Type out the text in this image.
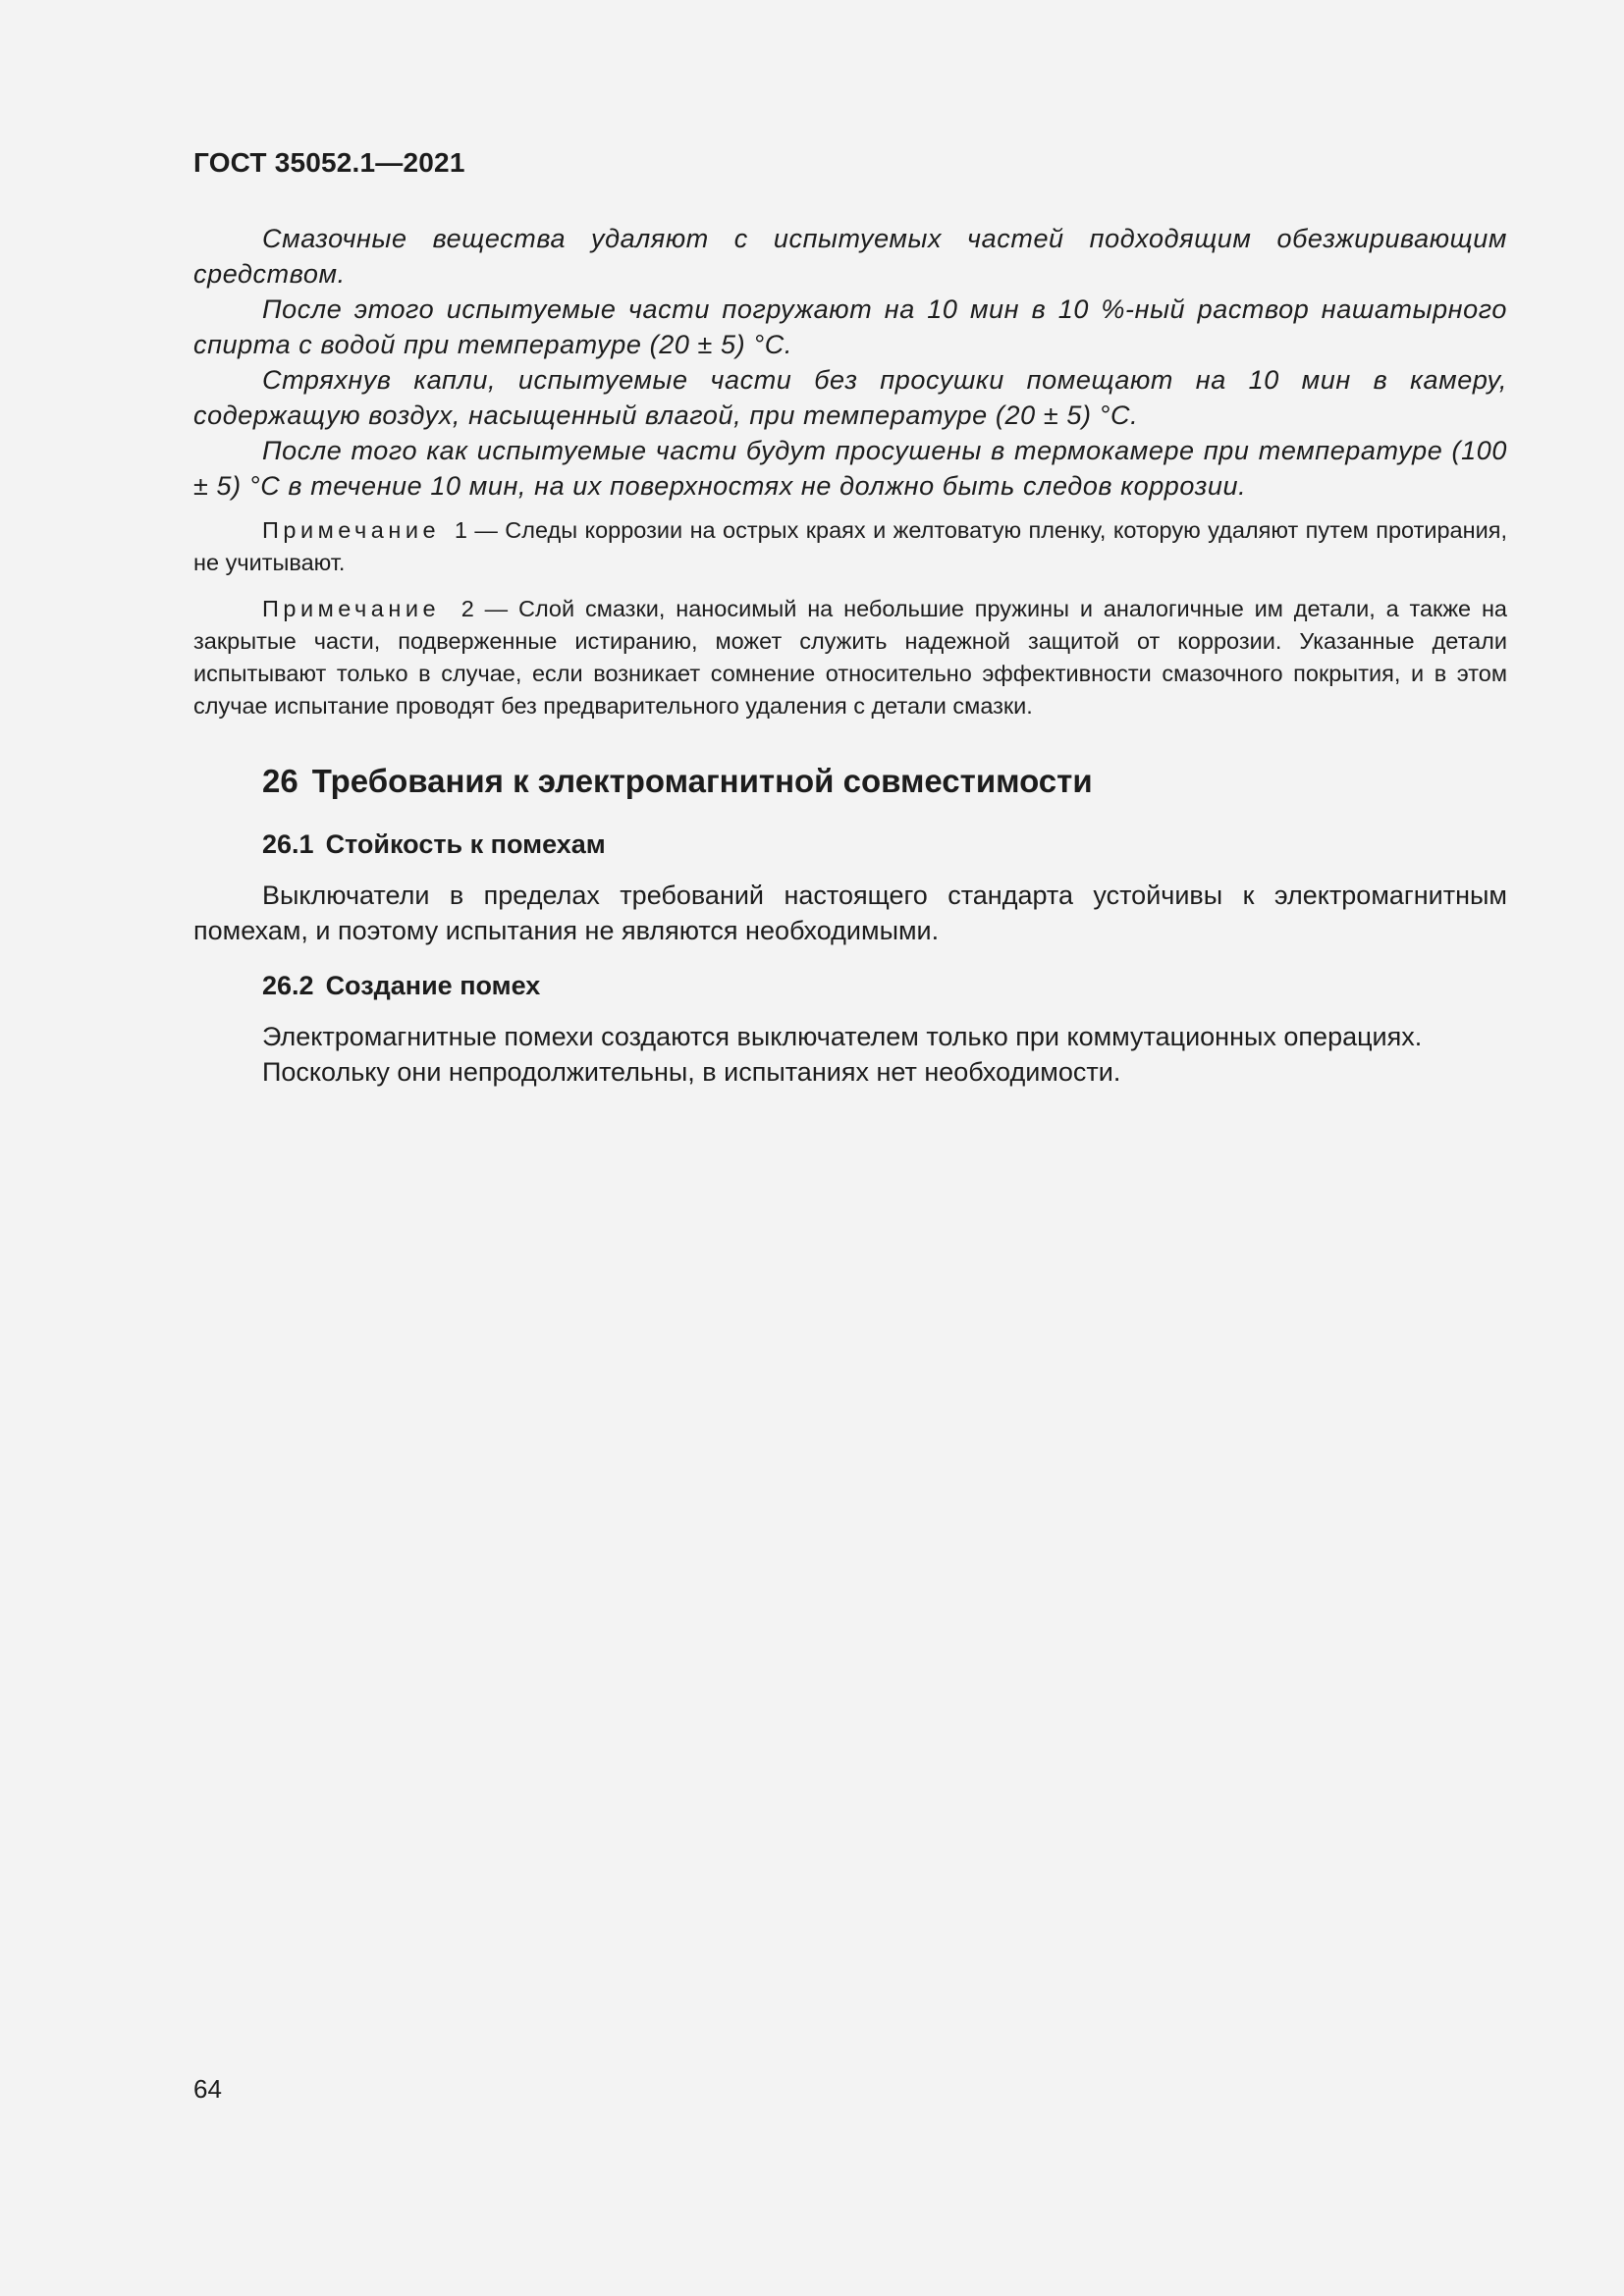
ГОСТ 35052.1—2021

Смазочные вещества удаляют с испытуемых частей подходящим обезжиривающим средством.

После этого испытуемые части погружают на 10 мин в 10 %-ный раствор нашатырного спирта с водой при температуре (20 ± 5) °С.

Стряхнув капли, испытуемые части без просушки помещают на 10 мин в камеру, содержащую воздух, насыщенный влагой, при температуре (20 ± 5) °С.

После того как испытуемые части будут просушены в термокамере при температуре (100 ± 5) °С в течение 10 мин, на их поверхностях не должно быть следов коррозии.

Примечание 1 — Следы коррозии на острых краях и желтоватую пленку, которую удаляют путем протирания, не учитывают.

Примечание 2 — Слой смазки, наносимый на небольшие пружины и аналогичные им детали, а также на закрытые части, подверженные истиранию, может служить надежной защитой от коррозии. Указанные детали испытывают только в случае, если возникает сомнение относительно эффективности смазочного покрытия, и в этом случае испытание проводят без предварительного удаления с детали смазки.

26 Требования к электромагнитной совместимости
26.1 Стойкость к помехам

Выключатели в пределах требований настоящего стандарта устойчивы к электромагнитным помехам, и поэтому испытания не являются необходимыми.

26.2 Создание помех

Электромагнитные помехи создаются выключателем только при коммутационных операциях.

Поскольку они непродолжительны, в испытаниях нет необходимости.

64
